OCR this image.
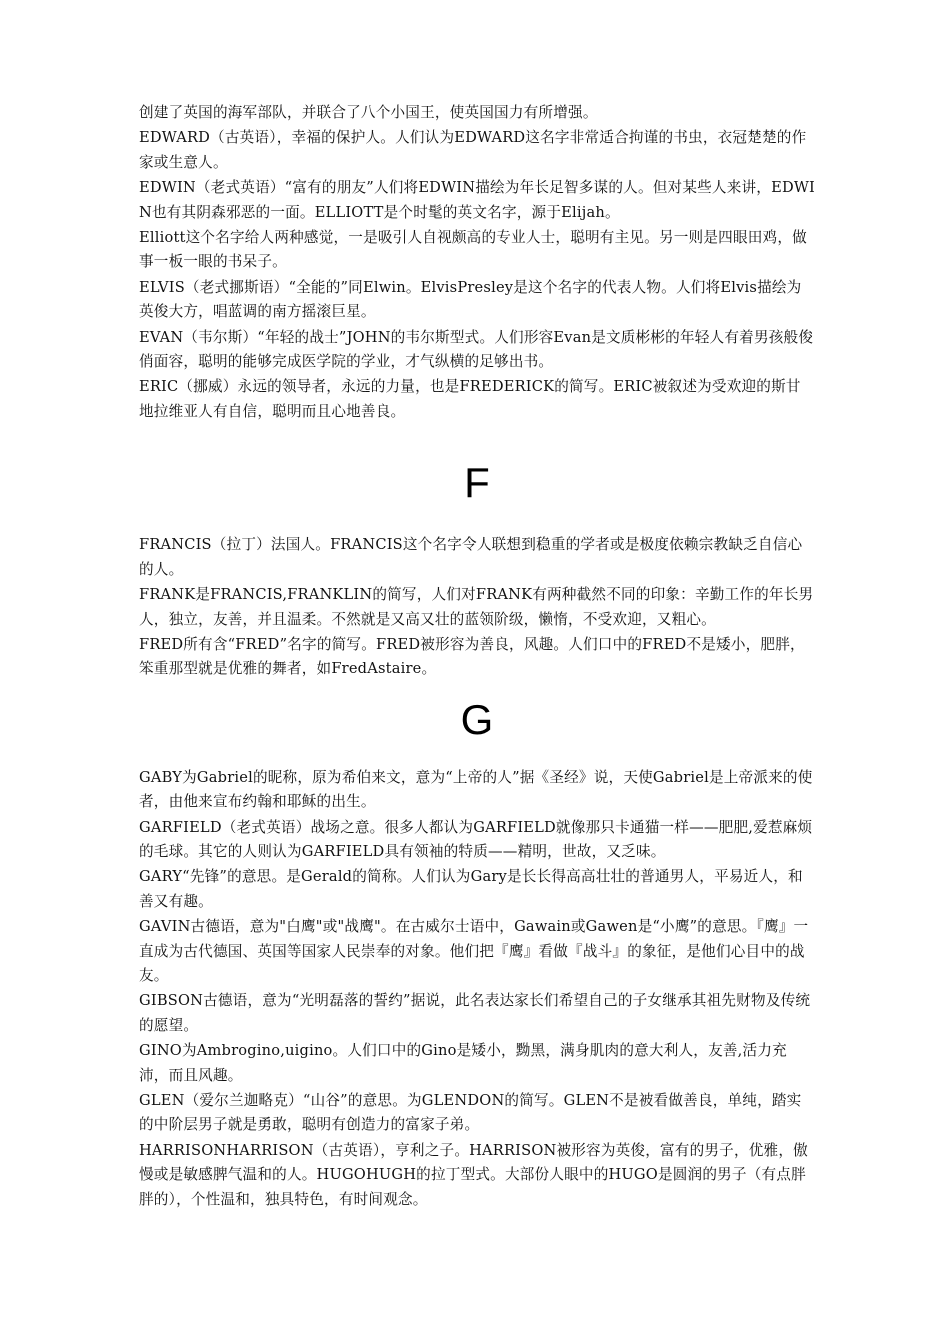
创建了英国的海军部队，并联合了八个小国王，使英国国力有所增强。

EDWARD（古英语），幸福的保护人。人们认为EDWARD这名字非常适合拘谨的书虫，衣冠楚楚的作家或生意人。

EDWIN（老式英语）“富有的朋友”人们将EDWIN描绘为年长足智多谋的人。但对某些人来讲，EDWIN也有其阴森邪恶的一面。ELLIOTT是个时髦的英文名字，源于Elijah。

Elliott这个名字给人两种感觉，一是吸引人自视颇高的专业人士，聪明有主见。另一则是四眼田鸡，做事一板一眼的书呆子。

ELVIS（老式挪斯语）“全能的”同Elwin。ElvisPresley是这个名字的代表人物。人们将Elvis描绘为英俊大方，唱蓝调的南方摇滚巨星。

EVAN（韦尔斯）“年轻的战士”JOHN的韦尔斯型式。人们形容Evan是文质彬彬的年轻人有着男孩般俊俏面容，聪明的能够完成医学院的学业，才气纵横的足够出书。

ERIC（挪威）永远的领导者，永远的力量，也是FREDERICK的简写。ERIC被叙述为受欢迎的斯甘地拉维亚人有自信，聪明而且心地善良。

F

FRANCIS（拉丁）法国人。FRANCIS这个名字令人联想到稳重的学者或是极度依赖宗教缺乏自信心的人。

FRANK是FRANCIS,FRANKLIN的简写，人们对FRANK有两种截然不同的印象：辛勤工作的年长男人，独立，友善，并且温柔。不然就是又高又壮的蓝领阶级，懒惰，不受欢迎，又粗心。

FRED所有含“FRED”名字的简写。FRED被形容为善良，风趣。人们口中的FRED不是矮小，肥胖，笨重那型就是优雅的舞者，如FredAstaire。

G

GABY为Gabriel的昵称，原为希伯来文，意为“上帝的人”据《圣经》说，天使Gabriel是上帝派来的使者，由他来宣布约翰和耶稣的出生。

GARFIELD（老式英语）战场之意。很多人都认为GARFIELD就像那只卡通猫一样——肥肥,爱惹麻烦的毛球。其它的人则认为GARFIELD具有领袖的特质——精明，世故，又乏味。

GARY“先锋”的意思。是Gerald的简称。人们认为Gary是长长得高高壮壮的普通男人，平易近人，和善又有趣。

GAVIN古德语，意为"白鹰"或"战鹰"。在古威尔士语中，Gawain或Gawen是“小鹰”的意思。『鹰』一直成为古代德国、英国等国家人民崇奉的对象。他们把『鹰』看做『战斗』的象征，是他们心目中的战友。

GIBSON古德语，意为“光明磊落的誓约”据说，此名表达家长们希望自己的子女继承其祖先财物及传统的愿望。

GINO为Ambrogino,uigino。人们口中的Gino是矮小，黝黑，满身肌肉的意大利人，友善,活力充沛，而且风趣。

GLEN（爱尔兰迦略克）“山谷”的意思。为GLENDON的简写。GLEN不是被看做善良，单纯，踏实的中阶层男子就是勇敢，聪明有创造力的富家子弟。

HARRISONHARRISON（古英语），亨利之子。HARRISON被形容为英俊，富有的男子，优雅，傲慢或是敏感脾气温和的人。HUGOHUGH的拉丁型式。大部份人眼中的HUGO是圆润的男子（有点胖胖的），个性温和，独具特色，有时间观念。
